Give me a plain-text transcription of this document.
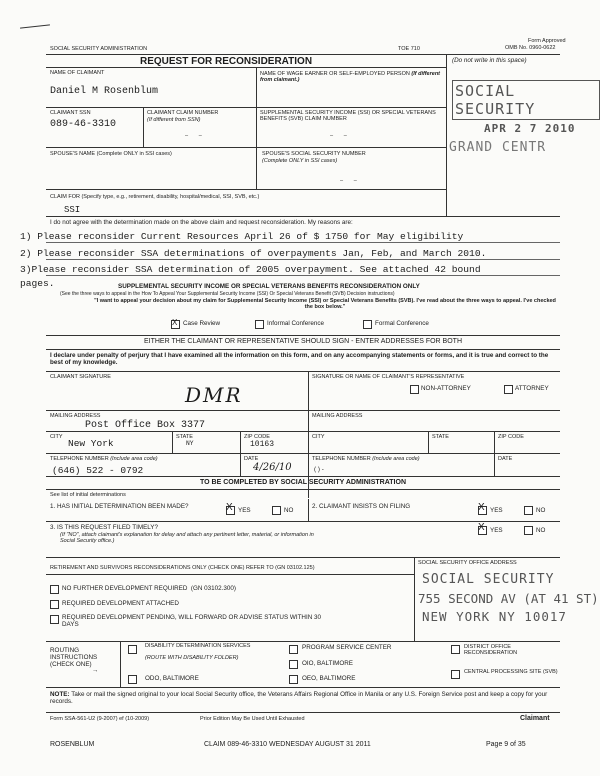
SOCIAL SECURITY ADMINISTRATION	TOE 710
Form Approved
OMB No. 0960-0622
REQUEST FOR RECONSIDERATION	(Do not write in this space)
NAME OF CLAIMANT
Daniel M Rosenblum
NAME OF WAGE EARNER OR SELF-EMPLOYED PERSON (If different from claimant.)
CLAIMANT SSN
089-46-3310
CLAIMANT CLAIM NUMBER
(If different from SSN)
–       –
SUPPLEMENTAL SECURITY INCOME (SSI) OR SPECIAL VETERANS BENEFITS (SVB) CLAIM NUMBER
–       –
SPOUSE'S NAME (Complete ONLY in SSI cases)	SPOUSE'S SOCIAL SECURITY NUMBER
(Complete ONLY in SSI cases)
–       –
SOCIAL SECURITY
APR 2 7 2010
GRAND CENTR
CLAIM FOR (Specify type, e.g., retirement, disability, hospital/medical, SSI, SVB, etc.)
SSI
I do not agree with the determination made on the above claim and request reconsideration. My reasons are:
1) Please reconsider Current Resources April 26 of $ 1750 for May eligibility
2) Please reconsider SSA determinations of overpayments Jan, Feb, and March 2010.
3)Please reconsider SSA determination of 2005 overpayment. See attached 42 bound
pages.	SUPPLEMENTAL SECURITY INCOME OR SPECIAL VETERANS BENEFITS RECONSIDERATION ONLY
(See the three ways to appeal in the How To Appeal Your Supplemental Security Income (SSI) Or Special Veterans Benefit (SVB) Decision instructions)
"I want to appeal your decision about my claim for Supplemental Security Income (SSI) or Special Veterans Benefits (SVB). I've read about the three ways to appeal. I've checked the box below."
X Case Review	Informal Conference	Formal Conference
EITHER THE CLAIMANT OR REPRESENTATIVE SHOULD SIGN - ENTER ADDRESSES FOR BOTH
I declare under penalty of perjury that I have examined all the information on this form, and on any accompanying statements or forms, and it is true and correct to the best of my knowledge.
CLAIMANT SIGNATURE
DMR
SIGNATURE OR NAME OF CLAIMANT'S REPRESENTATIVE
NON-ATTORNEY	ATTORNEY
MAILING ADDRESS
Post Office Box 3377
MAILING ADDRESS
CITY
New York
STATE
NY
ZIP CODE
10163
CITY	STATE	ZIP CODE
TELEPHONE NUMBER (Include area code)
(646) 522 - 0792
DATE
4/26/10
TELEPHONE NUMBER (Include area code)
( ) -
DATE
TO BE COMPLETED BY SOCIAL SECURITY ADMINISTRATION
See list of initial determinations
1. HAS INITIAL DETERMINATION BEEN MADE?	X YES	NO
2. CLAIMANT INSISTS ON FILING	X YES	NO
3. IS THIS REQUEST FILED TIMELY?
(If "NO", attach claimant's explanation for delay and attach any pertinent letter, material, or information in Social Security office.)
X YES	NO
RETIREMENT AND SURVIVORS RECONSIDERATIONS ONLY (CHECK ONE) REFER TO (GN 03102.125)
SOCIAL SECURITY OFFICE ADDRESS
NO FURTHER DEVELOPMENT REQUIRED (GN 03102.300)
REQUIRED DEVELOPMENT ATTACHED
REQUIRED DEVELOPMENT PENDING, WILL FORWARD OR ADVISE STATUS WITHIN 30 DAYS
SOCIAL SECURITY
755 SECOND AV (AT 41 ST)
NEW YORK NY 10017
ROUTING INSTRUCTIONS (CHECK ONE)
→
DISABILITY DETERMINATION SERVICES
(ROUTE WITH DISABILITY FOLDER)
ODO, BALTIMORE
PROGRAM SERVICE CENTER
OIO, BALTIMORE
OEO, BALTIMORE
DISTRICT OFFICE RECONSIDERATION
CENTRAL PROCESSING SITE (SVB)
NOTE: Take or mail the signed original to your local Social Security office, the Veterans Affairs Regional Office in Manila or any U.S. Foreign Service post and keep a copy for your records.
Form SSA-561-U2 (9-2007) ef (10-2009)	Prior Edition May Be Used Until Exhausted	Claimant
ROSENBLUM	CLAIM 089-46-3310 WEDNESDAY AUGUST 31 2011	Page 9 of 35
